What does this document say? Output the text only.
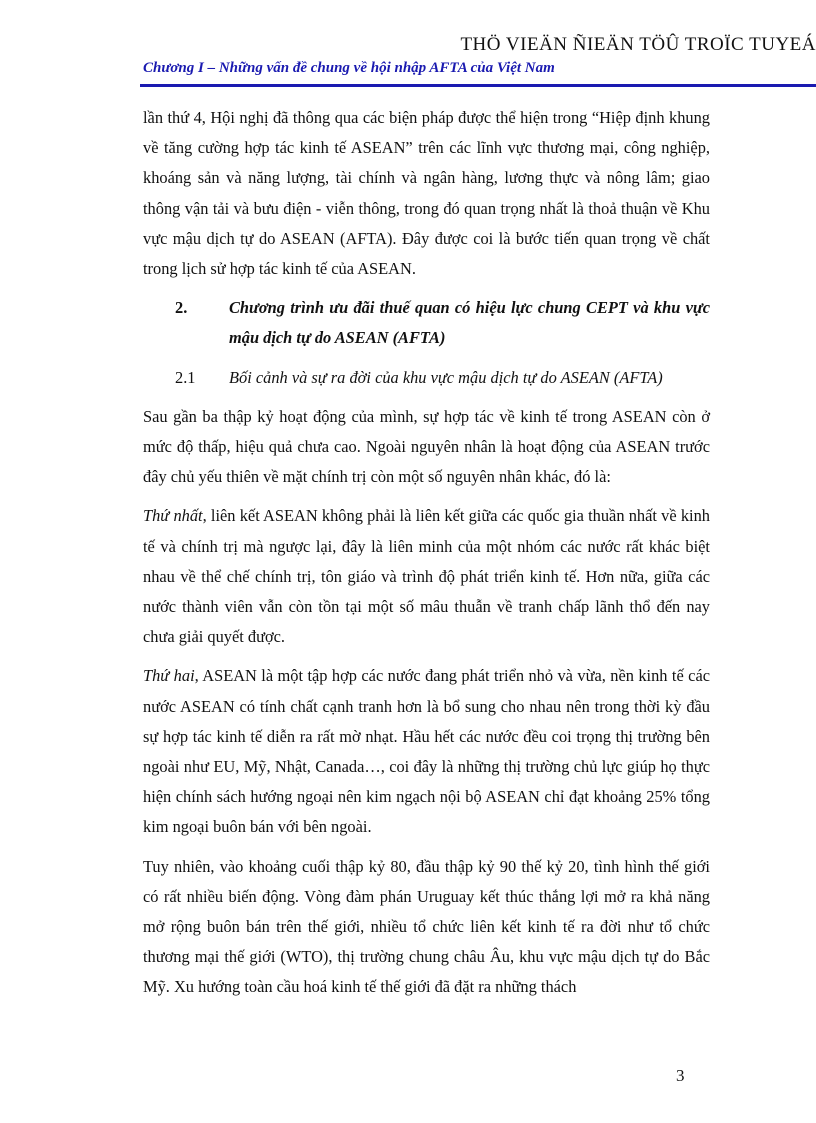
THÖ VIEÄN ÑIEÄN TÖÛ TROÏC TUYEÁ
Chương I – Những vấn đề chung về hội nhập AFTA của Việt Nam

lần thứ 4, Hội nghị đã thông qua các biện pháp được thể hiện trong “Hiệp định khung về tăng cường hợp tác kinh tế ASEAN” trên các lĩnh vực thương mại, công nghiệp, khoáng sản và năng lượng, tài chính và ngân hàng, lương thực và nông lâm; giao thông vận tải và bưu điện - viễn thông, trong đó quan trọng nhất là thoả thuận về Khu vực mậu dịch tự do ASEAN (AFTA). Đây được coi là bước tiến quan trọng về chất trong lịch sử hợp tác kinh tế của ASEAN.

2.	Chương trình ưu đãi thuế quan có hiệu lực chung CEPT và khu vực mậu dịch tự do ASEAN (AFTA)
2.1	Bối cảnh và sự ra đời của khu vực mậu dịch tự do ASEAN (AFTA)

Sau gần ba thập kỷ hoạt động của mình, sự hợp tác về kinh tế trong ASEAN còn ở mức độ thấp, hiệu quả chưa cao. Ngoài nguyên nhân là hoạt động của ASEAN trước đây chủ yếu thiên về mặt chính trị còn một số nguyên nhân khác, đó là:

Thứ nhất, liên kết ASEAN không phải là liên kết giữa các quốc gia thuần nhất về kinh tế và chính trị mà ngược lại, đây là liên minh của một nhóm các nước rất khác biệt nhau về thể chế chính trị, tôn giáo và trình độ phát triển kinh tế. Hơn nữa, giữa các nước thành viên vẫn còn tồn tại một số mâu thuẫn về tranh chấp lãnh thổ đến nay chưa giải quyết được.

Thứ hai, ASEAN là một tập hợp các nước đang phát triển nhỏ và vừa, nền kinh tế các nước ASEAN có tính chất cạnh tranh hơn là bổ sung cho nhau nên trong thời kỳ đầu sự hợp tác kinh tế diễn ra rất mờ nhạt. Hầu hết các nước đều coi trọng thị trường bên ngoài như EU, Mỹ, Nhật, Canada…, coi đây là những thị trường chủ lực giúp họ thực hiện chính sách hướng ngoại nên kim ngạch nội bộ ASEAN chỉ đạt khoảng 25% tổng kim ngoại buôn bán với bên ngoài.

Tuy nhiên, vào khoảng cuối thập kỷ 80, đầu thập kỷ 90 thế kỷ 20, tình hình thế giới có rất nhiều biến động. Vòng đàm phán Uruguay kết thúc thắng lợi mở ra khả năng mở rộng buôn bán trên thế giới, nhiều tổ chức liên kết kinh tế ra đời như tổ chức thương mại thế giới (WTO), thị trường chung châu Âu, khu vực mậu dịch tự do Bắc Mỹ. Xu hướng toàn cầu hoá kinh tế thế giới đã đặt ra những thách

3
